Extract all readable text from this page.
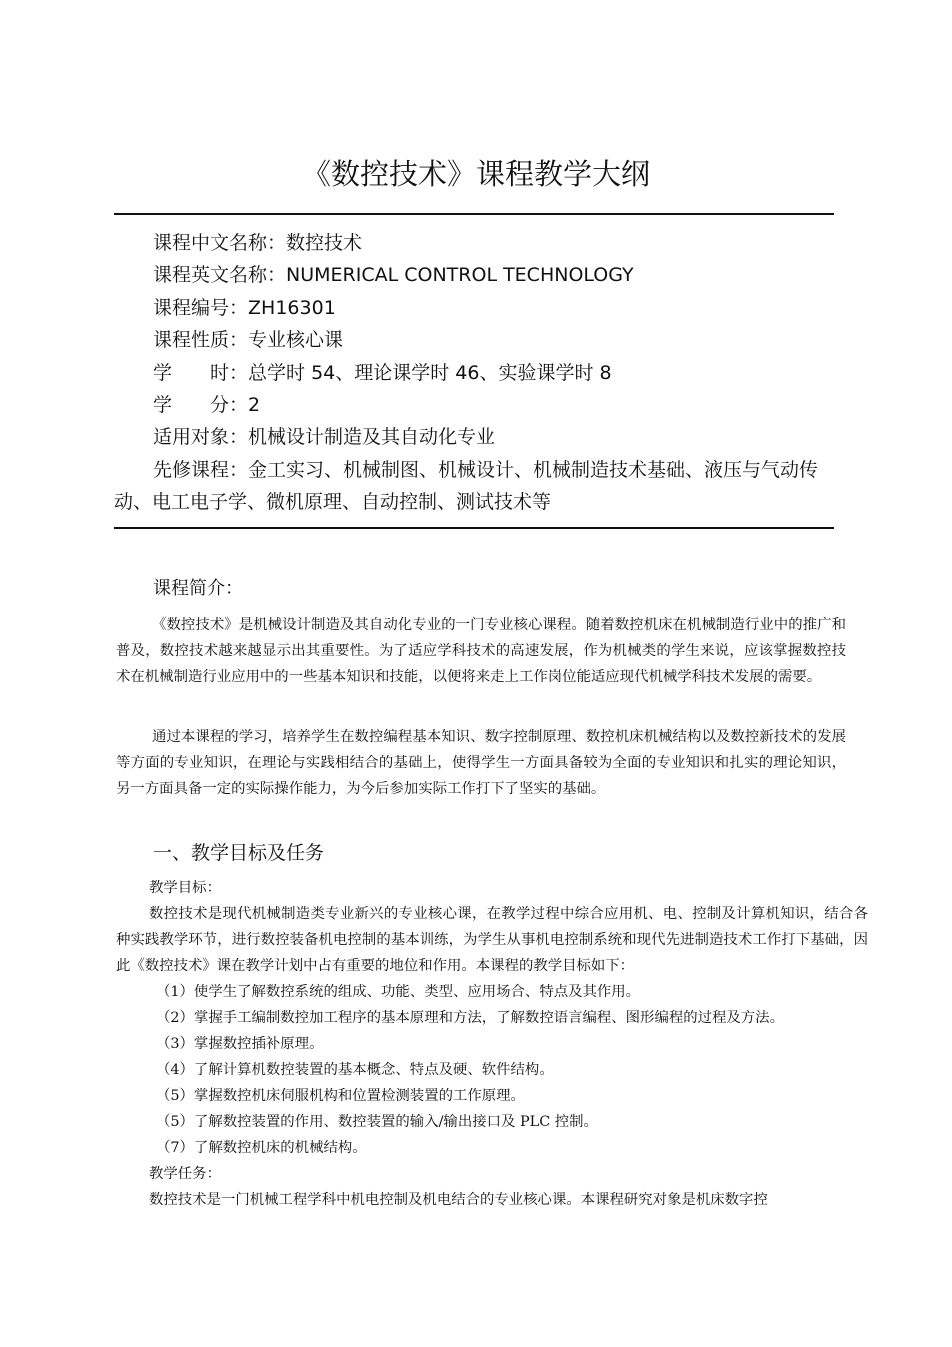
《数控技术》课程教学大纲
课程中文名称：数控技术
课程英文名称：NUMERICAL CONTROL TECHNOLOGY
课程编号：ZH16301
课程性质：专业核心课
学　　时：总学时 54、理论课学时 46、实验课学时 8
学　　分：2
适用对象：机械设计制造及其自动化专业
先修课程：金工实习、机械制图、机械设计、机械制造技术基础、液压与气动传动、电工电子学、微机原理、自动控制、测试技术等
课程简介：

《数控技术》是机械设计制造及其自动化专业的一门专业核心课程。随着数控机床在机械制造行业中的推广和普及，数控技术越来越显示出其重要性。为了适应学科技术的高速发展，作为机械类的学生来说，应该掌握数控技术在机械制造行业应用中的一些基本知识和技能，以便将来走上工作岗位能适应现代机械学科技术发展的需要。

通过本课程的学习，培养学生在数控编程基本知识、数字控制原理、数控机床机械结构以及数控新技术的发展等方面的专业知识，在理论与实践相结合的基础上，使得学生一方面具备较为全面的专业知识和扎实的理论知识，另一方面具备一定的实际操作能力，为今后参加实际工作打下了坚实的基础。

一、教学目标及任务
教学目标：

数控技术是现代机械制造类专业新兴的专业核心课，在教学过程中综合应用机、电、控制及计算机知识，结合各种实践教学环节，进行数控装备机电控制的基本训练，为学生从事机电控制系统和现代先进制造技术工作打下基础，因此《数控技术》课在教学计划中占有重要的地位和作用。本课程的教学目标如下：

（1）使学生了解数控系统的组成、功能、类型、应用场合、特点及其作用。
（2）掌握手工编制数控加工程序的基本原理和方法，了解数控语言编程、图形编程的过程及方法。
（3）掌握数控插补原理。
（4）了解计算机数控装置的基本概念、特点及硬、软件结构。
（5）掌握数控机床伺服机构和位置检测装置的工作原理。
（5）了解数控装置的作用、数控装置的输入/输出接口及 PLC 控制。
（7）了解数控机床的机械结构。
教学任务：
数控技术是一门机械工程学科中机电控制及机电结合的专业核心课。本课程研究对象是机床数字控
